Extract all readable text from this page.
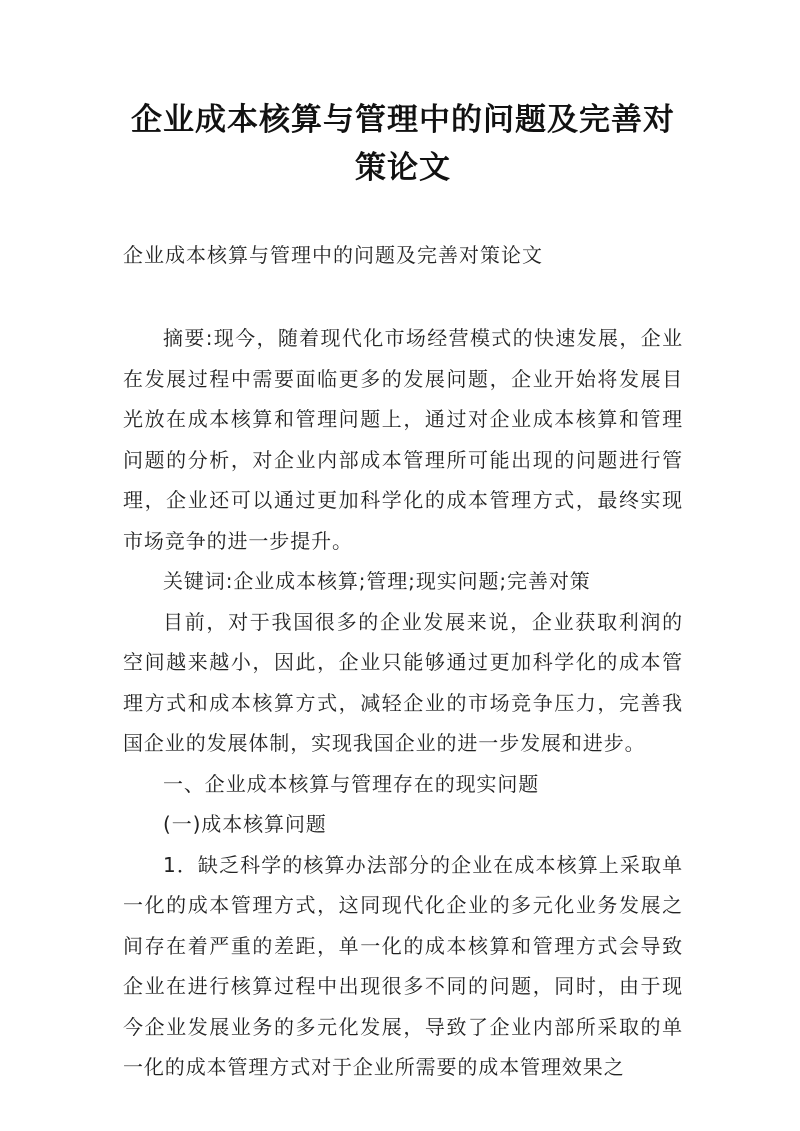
企业成本核算与管理中的问题及完善对策论文

企业成本核算与管理中的问题及完善对策论文

摘要:现今，随着现代化市场经营模式的快速发展，企业在发展过程中需要面临更多的发展问题，企业开始将发展目光放在成本核算和管理问题上，通过对企业成本核算和管理问题的分析，对企业内部成本管理所可能出现的问题进行管理，企业还可以通过更加科学化的成本管理方式，最终实现市场竞争的进一步提升。

关键词:企业成本核算;管理;现实问题;完善对策

目前，对于我国很多的企业发展来说，企业获取利润的空间越来越小，因此，企业只能够通过更加科学化的成本管理方式和成本核算方式，减轻企业的市场竞争压力，完善我国企业的发展体制，实现我国企业的进一步发展和进步。

一、企业成本核算与管理存在的现实问题

(一)成本核算问题

1．缺乏科学的核算办法部分的企业在成本核算上采取单一化的成本管理方式，这同现代化企业的多元化业务发展之间存在着严重的差距，单一化的成本核算和管理方式会导致企业在进行核算过程中出现很多不同的问题，同时，由于现今企业发展业务的多元化发展，导致了企业内部所采取的单一化的成本管理方式对于企业所需要的成本管理效果之
